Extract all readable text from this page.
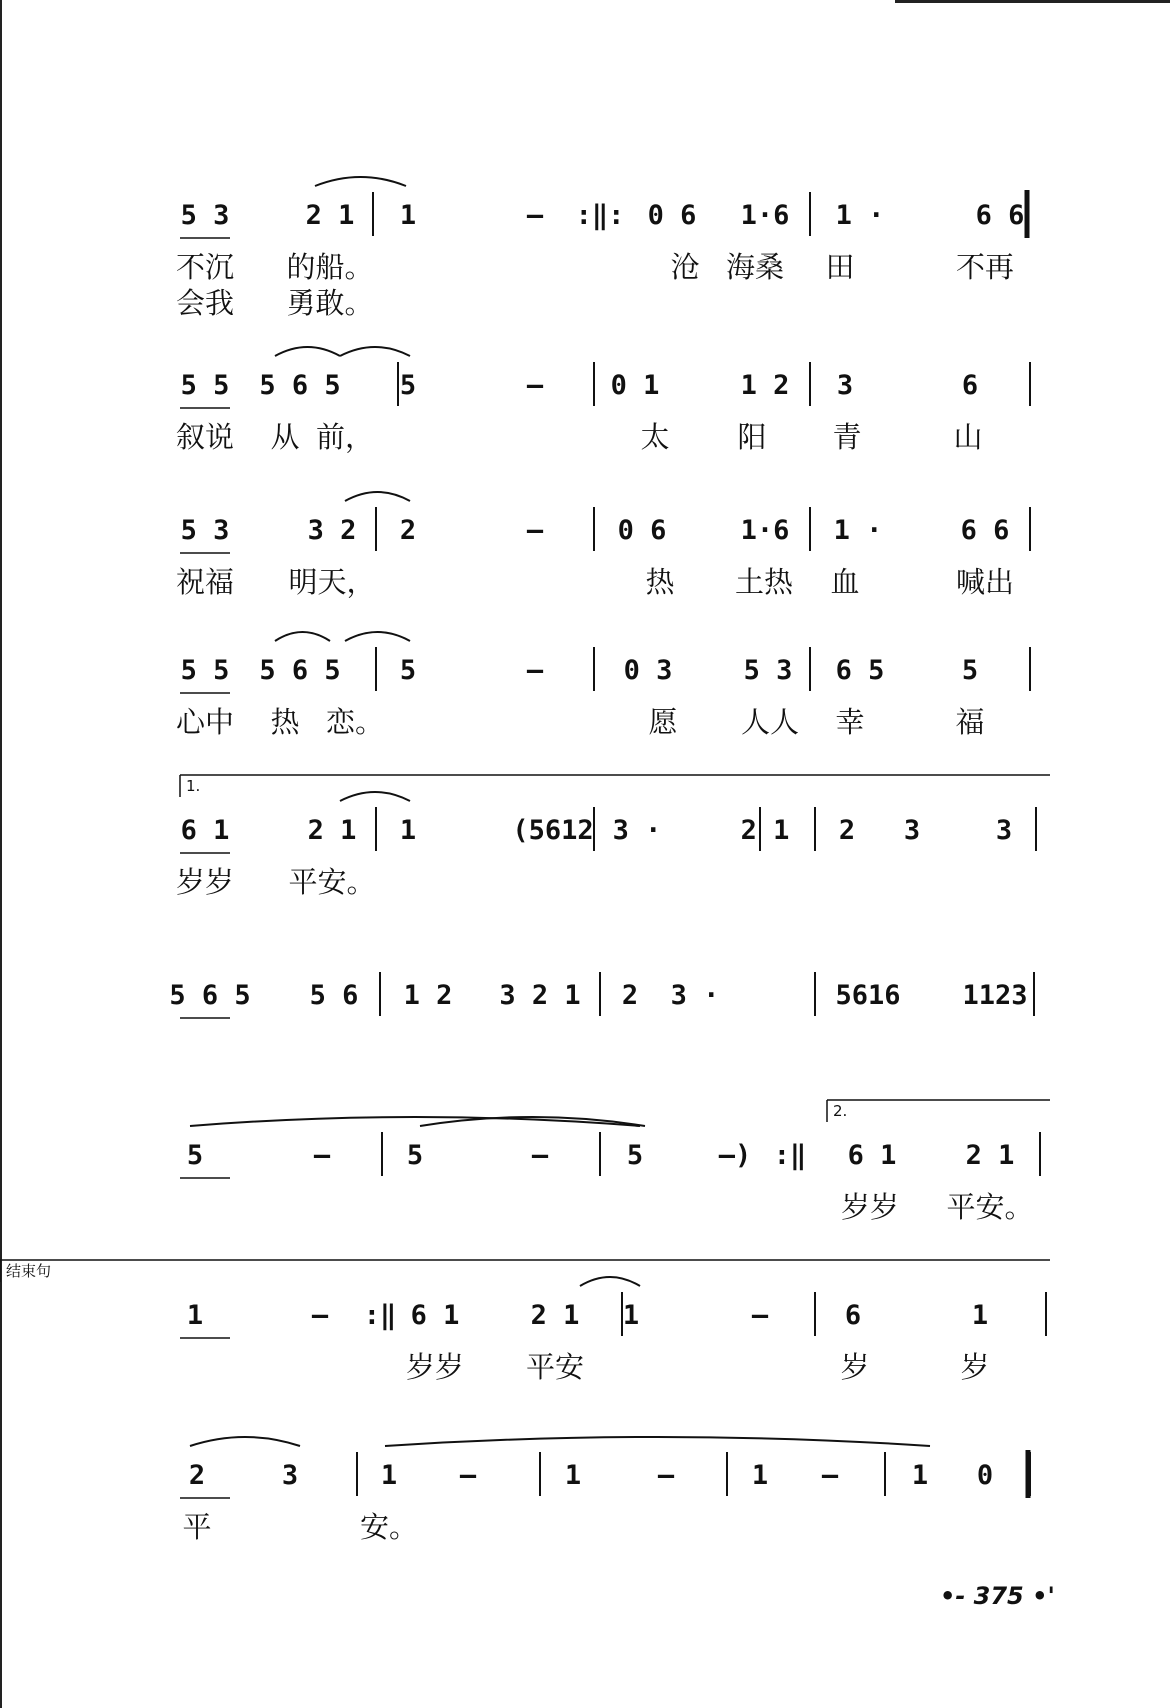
5 3	2 1 1	— :‖: 0 6 1·6 1 ·	6 6
不沉 的船。	沧 海桑 田	不再
会我 勇敢。
5 5 5 6 5 5	— 0 1	1 2 3	6
叙说 从 前，	太 阳 青	山
5 3	3 2 2	—	0 6	1·6 1 ·	6 6
祝福 明天，	热 土热 血	喊出
5 5 5 6 5 5	—	0 3	5 3 6 5	5
心中 热 恋。	愿 人人 幸	福
6 1	2 1 1	(5612 3 ·	2 1 2 3	3
岁岁 平安。
1.
5 6 5 5 6 1 2 3 2 1 2 3 ·	5616 1123
5	—	5	—	5	—) :‖ 6 1	2 1
岁岁 平安。
2.
1	— :‖ 6 1	2 1 1	—	6	1
岁岁 平安	岁	岁
结束句
2	3	1 —	1	—	1 —	1 0
平	安。
•- 375 •'
